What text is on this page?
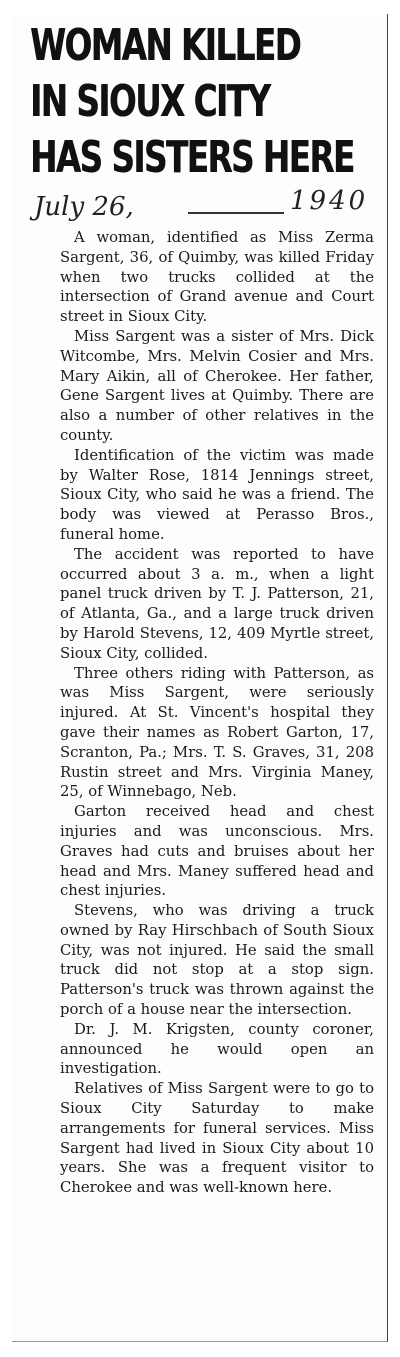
WOMAN KILLED
IN SIOUX CITY
HAS SISTERS HERE
July 26,	1940

A woman, identified as Miss Zerma Sargent, 36, of Quimby, was killed Friday when two trucks collided at the intersection of Grand avenue and Court street in Sioux City.

Miss Sargent was a sister of Mrs. Dick Witcombe, Mrs. Melvin Cosier and Mrs. Mary Aikin, all of Cherokee. Her father, Gene Sargent lives at Quimby. There are also a number of other relatives in the county.

Identification of the victim was made by Walter Rose, 1814 Jennings street, Sioux City, who said he was a friend. The body was viewed at Perasso Bros., funeral home.

The accident was reported to have occurred about 3 a. m., when a light panel truck driven by T. J. Patterson, 21, of Atlanta, Ga., and a large truck driven by Harold Stevens, 12, 409 Myrtle street, Sioux City, collided.

Three others riding with Patterson, as was Miss Sargent, were seriously injured. At St. Vincent's hospital they gave their names as Robert Garton, 17, Scranton, Pa.; Mrs. T. S. Graves, 31, 208 Rustin street and Mrs. Virginia Maney, 25, of Winnebago, Neb.

Garton received head and chest injuries and was unconscious. Mrs. Graves had cuts and bruises about her head and Mrs. Maney suffered head and chest injuries.

Stevens, who was driving a truck owned by Ray Hirschbach of South Sioux City, was not injured. He said the small truck did not stop at a stop sign. Patterson's truck was thrown against the porch of a house near the intersection.

Dr. J. M. Krigsten, county coroner, announced he would open an investigation.

Relatives of Miss Sargent were to go to Sioux City Saturday to make arrangements for funeral services. Miss Sargent had lived in Sioux City about 10 years. She was a frequent visitor to Cherokee and was well-known here.
